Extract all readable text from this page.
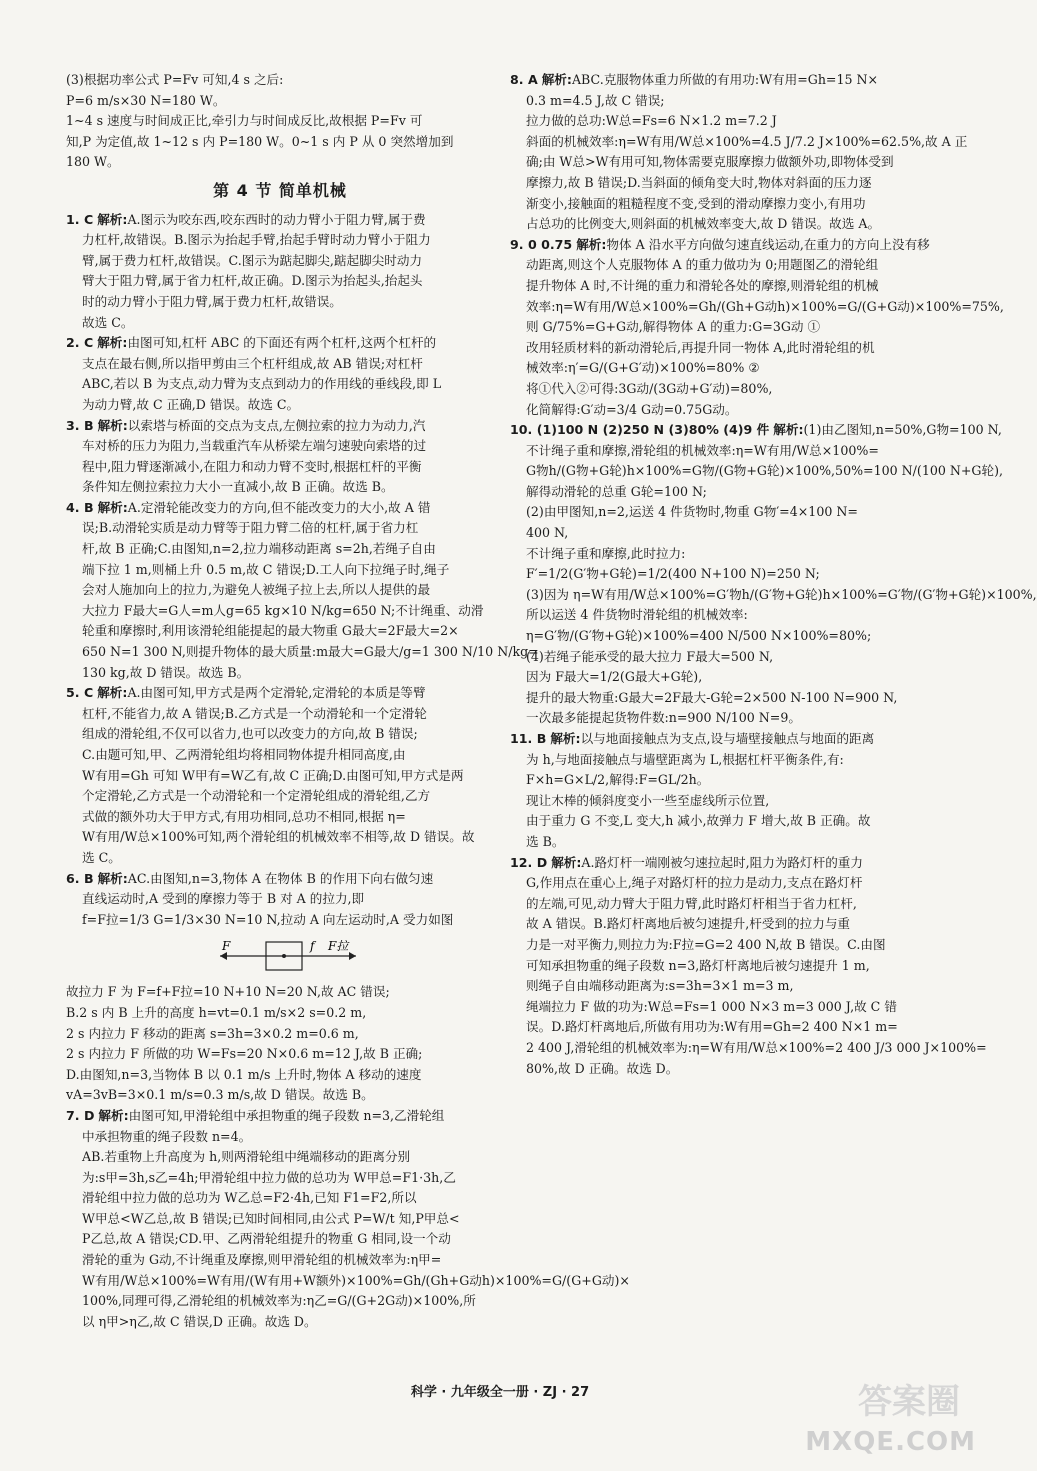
(3)根据功率公式 P=Fv 可知,4 s 之后:
P=6 m/s×30 N=180 W。
1~4 s 速度与时间成正比,牵引力与时间成反比,故根据 P=Fv 可
知,P 为定值,故 1~12 s 内 P=180 W。0~1 s 内 P 从 0 突然增加到
180 W。
第 4 节 简单机械
1. C 解析:A.图示为咬东西,咬东西时的动力臂小于阻力臂,属于费
力杠杆,故错误。B.图示为抬起手臂,抬起手臂时动力臂小于阻力
臂,属于费力杠杆,故错误。C.图示为踮起脚尖,踮起脚尖时动力
臂大于阻力臂,属于省力杠杆,故正确。D.图示为抬起头,抬起头
时的动力臂小于阻力臂,属于费力杠杆,故错误。
故选 C。
2. C 解析:由图可知,杠杆 ABC 的下面还有两个杠杆,这两个杠杆的
支点在最右侧,所以指甲剪由三个杠杆组成,故 AB 错误;对杠杆
ABC,若以 B 为支点,动力臂为支点到动力的作用线的垂线段,即 L
为动力臂,故 C 正确,D 错误。故选 C。
3. B 解析:以索塔与桥面的交点为支点,左侧拉索的拉力为动力,汽
车对桥的压力为阻力,当载重汽车从桥梁左端匀速驶向索塔的过
程中,阻力臂逐渐减小,在阻力和动力臂不变时,根据杠杆的平衡
条件知左侧拉索拉力大小一直减小,故 B 正确。故选 B。
4. B 解析:A.定滑轮能改变力的方向,但不能改变力的大小,故 A 错
误;B.动滑轮实质是动力臂等于阻力臂二倍的杠杆,属于省力杠
杆,故 B 正确;C.由图知,n=2,拉力端移动距离 s=2h,若绳子自由
端下拉 1 m,则桶上升 0.5 m,故 C 错误;D.工人向下拉绳子时,绳子
会对人施加向上的拉力,为避免人被绳子拉上去,所以人提供的最
大拉力 F最大=G人=m人g=65 kg×10 N/kg=650 N;不计绳重、动滑
轮重和摩擦时,利用该滑轮组能提起的最大物重 G最大=2F最大=2×
650 N=1 300 N,则提升物体的最大质量:m最大=G最大/g=1 300 N/10 N/kg=
130 kg,故 D 错误。故选 B。
5. C 解析:A.由图可知,甲方式是两个定滑轮,定滑轮的本质是等臂
杠杆,不能省力,故 A 错误;B.乙方式是一个动滑轮和一个定滑轮
组成的滑轮组,不仅可以省力,也可以改变力的方向,故 B 错误;
C.由题可知,甲、乙两滑轮组均将相同物体提升相同高度,由
W有用=Gh 可知 W甲有=W乙有,故 C 正确;D.由图可知,甲方式是两
个定滑轮,乙方式是一个动滑轮和一个定滑轮组成的滑轮组,乙方
式做的额外功大于甲方式,有用功相同,总功不相同,根据 η=
W有用/W总×100%可知,两个滑轮组的机械效率不相等,故 D 错误。故
选 C。
6. B 解析:AC.由图知,n=3,物体 A 在物体 B 的作用下向右做匀速
直线运动时,A 受到的摩擦力等于 B 对 A 的拉力,即
f=F拉=1/3 G=1/3×30 N=10 N,拉动 A 向左运动时,A 受力如图
F	f F拉
故拉力 F 为 F=f+F拉=10 N+10 N=20 N,故 AC 错误;
B.2 s 内 B 上升的高度 h=vt=0.1 m/s×2 s=0.2 m,
2 s 内拉力 F 移动的距离 s=3h=3×0.2 m=0.6 m,
2 s 内拉力 F 所做的功 W=Fs=20 N×0.6 m=12 J,故 B 正确;
D.由图知,n=3,当物体 B 以 0.1 m/s 上升时,物体 A 移动的速度
vA=3vB=3×0.1 m/s=0.3 m/s,故 D 错误。故选 B。
7. D 解析:由图可知,甲滑轮组中承担物重的绳子段数 n=3,乙滑轮组
中承担物重的绳子段数 n=4。
AB.若重物上升高度为 h,则两滑轮组中绳端移动的距离分别
为:s甲=3h,s乙=4h;甲滑轮组中拉力做的总功为 W甲总=F1·3h,乙
滑轮组中拉力做的总功为 W乙总=F2·4h,已知 F1=F2,所以
W甲总<W乙总,故 B 错误;已知时间相同,由公式 P=W/t 知,P甲总<
P乙总,故 A 错误;CD.甲、乙两滑轮组提升的物重 G 相同,设一个动
滑轮的重为 G动,不计绳重及摩擦,则甲滑轮组的机械效率为:η甲=
W有用/W总×100%=W有用/(W有用+W额外)×100%=Gh/(Gh+G动h)×100%=G/(G+G动)×
100%,同理可得,乙滑轮组的机械效率为:η乙=G/(G+2G动)×100%,所
以 η甲>η乙,故 C 错误,D 正确。故选 D。
8. A 解析:ABC.克服物体重力所做的有用功:W有用=Gh=15 N×
0.3 m=4.5 J,故 C 错误;
拉力做的总功:W总=Fs=6 N×1.2 m=7.2 J
斜面的机械效率:η=W有用/W总×100%=4.5 J/7.2 J×100%=62.5%,故 A 正
确;由 W总>W有用可知,物体需要克服摩擦力做额外功,即物体受到
摩擦力,故 B 错误;D.当斜面的倾角变大时,物体对斜面的压力逐
渐变小,接触面的粗糙程度不变,受到的滑动摩擦力变小,有用功
占总功的比例变大,则斜面的机械效率变大,故 D 错误。故选 A。
9. 0 0.75 解析:物体 A 沿水平方向做匀速直线运动,在重力的方向上没有移
动距离,则这个人克服物体 A 的重力做功为 0;用题图乙的滑轮组
提升物体 A 时,不计绳的重力和滑轮各处的摩擦,则滑轮组的机械
效率:η=W有用/W总×100%=Gh/(Gh+G动h)×100%=G/(G+G动)×100%=75%,
则 G/75%=G+G动,解得物体 A 的重力:G=3G动 ①
改用轻质材料的新动滑轮后,再提升同一物体 A,此时滑轮组的机
械效率:η′=G/(G+G′动)×100%=80% ②
将①代入②可得:3G动/(3G动+G′动)=80%,
化简解得:G′动=3/4 G动=0.75G动。
10. (1)100 N (2)250 N (3)80% (4)9 件 解析:(1)由乙图知,n=50%,G物=100 N,
不计绳子重和摩擦,滑轮组的机械效率:η=W有用/W总×100%=
G物h/(G物+G轮)h×100%=G物/(G物+G轮)×100%,50%=100 N/(100 N+G轮),
解得动滑轮的总重 G轮=100 N;
(2)由甲图知,n=2,运送 4 件货物时,物重 G物′=4×100 N=
400 N,
不计绳子重和摩擦,此时拉力:
F′=1/2(G′物+G轮)=1/2(400 N+100 N)=250 N;
(3)因为 η=W有用/W总×100%=G′物h/(G′物+G轮)h×100%=G′物/(G′物+G轮)×100%,
所以运送 4 件货物时滑轮组的机械效率:
η=G′物/(G′物+G轮)×100%=400 N/500 N×100%=80%;
(4)若绳子能承受的最大拉力 F最大=500 N,
因为 F最大=1/2(G最大+G轮),
提升的最大物重:G最大=2F最大-G轮=2×500 N-100 N=900 N,
一次最多能提起货物件数:n=900 N/100 N=9。
11. B 解析:以与地面接触点为支点,设与墙壁接触点与地面的距离
为 h,与地面接触点与墙壁距离为 L,根据杠杆平衡条件,有:
F×h=G×L/2,解得:F=GL/2h。
现让木棒的倾斜度变小一些至虚线所示位置,
由于重力 G 不变,L 变大,h 减小,故弹力 F 增大,故 B 正确。故
选 B。
12. D 解析:A.路灯杆一端刚被匀速拉起时,阻力为路灯杆的重力
G,作用点在重心上,绳子对路灯杆的拉力是动力,支点在路灯杆
的左端,可见,动力臂大于阻力臂,此时路灯杆相当于省力杠杆,
故 A 错误。B.路灯杆离地后被匀速提升,杆受到的拉力与重
力是一对平衡力,则拉力为:F拉=G=2 400 N,故 B 错误。C.由图
可知承担物重的绳子段数 n=3,路灯杆离地后被匀速提升 1 m,
则绳子自由端移动距离为:s=3h=3×1 m=3 m,
绳端拉力 F 做的功为:W总=Fs=1 000 N×3 m=3 000 J,故 C 错
误。D.路灯杆离地后,所做有用功为:W有用=Gh=2 400 N×1 m=
2 400 J,滑轮组的机械效率为:η=W有用/W总×100%=2 400 J/3 000 J×100%=
80%,故 D 正确。故选 D。
科学 · 九年级全一册 · ZJ · 27	答案圈
MXQE.COM
